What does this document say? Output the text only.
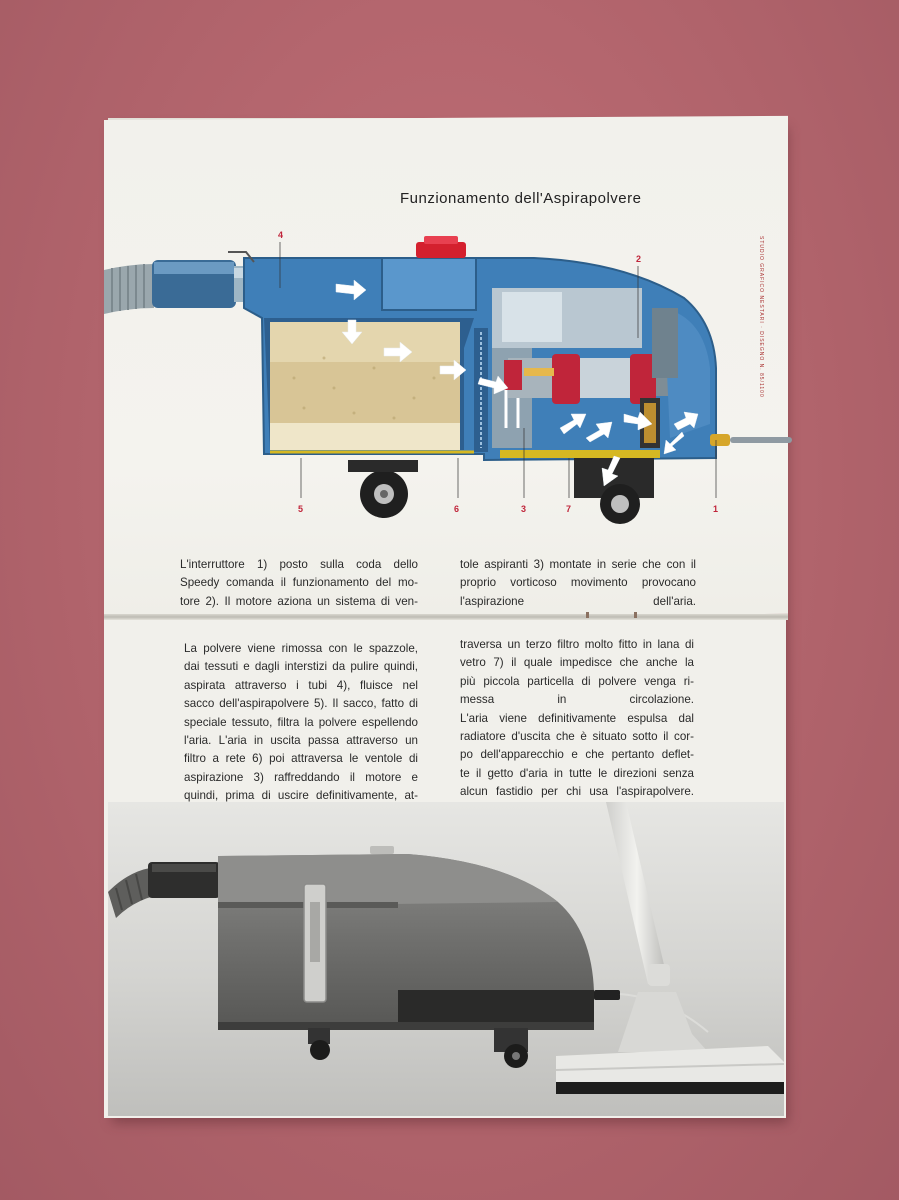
Funzionamento dell'Aspirapolvere
STUDIO GRAFICO NESTARI · DISEGNO N. 85/1100
4
2
5	6	3	7	1
L'interruttore 1) posto sulla coda dello
Speedy comanda il funzionamento del mo-
tore 2). Il motore aziona un sistema di ven-
tole aspiranti 3) montate in serie che con il
proprio vorticoso movimento provocano
l'aspirazione dell'aria.
La polvere viene rimossa con le spazzole,
dai tessuti e dagli interstizi da pulire quindi,
aspirata attraverso i tubi 4), fluisce nel
sacco dell'aspirapolvere 5). Il sacco, fatto di
speciale tessuto, filtra la polvere espellendo
l'aria. L'aria in uscita passa attraverso un
filtro a rete 6) poi attraversa le ventole di
aspirazione 3) raffreddando il motore e
quindi, prima di uscire definitivamente, at-
traversa un terzo filtro molto fitto in lana di
vetro 7) il quale impedisce che anche la
più piccola particella di polvere venga ri-
messa in circolazione.
L'aria viene definitivamente espulsa dal
radiatore d'uscita che è situato sotto il cor-
po dell'apparecchio e che pertanto deflet-
te il getto d'aria in tutte le direzioni senza
alcun fastidio per chi usa l'aspirapolvere.
